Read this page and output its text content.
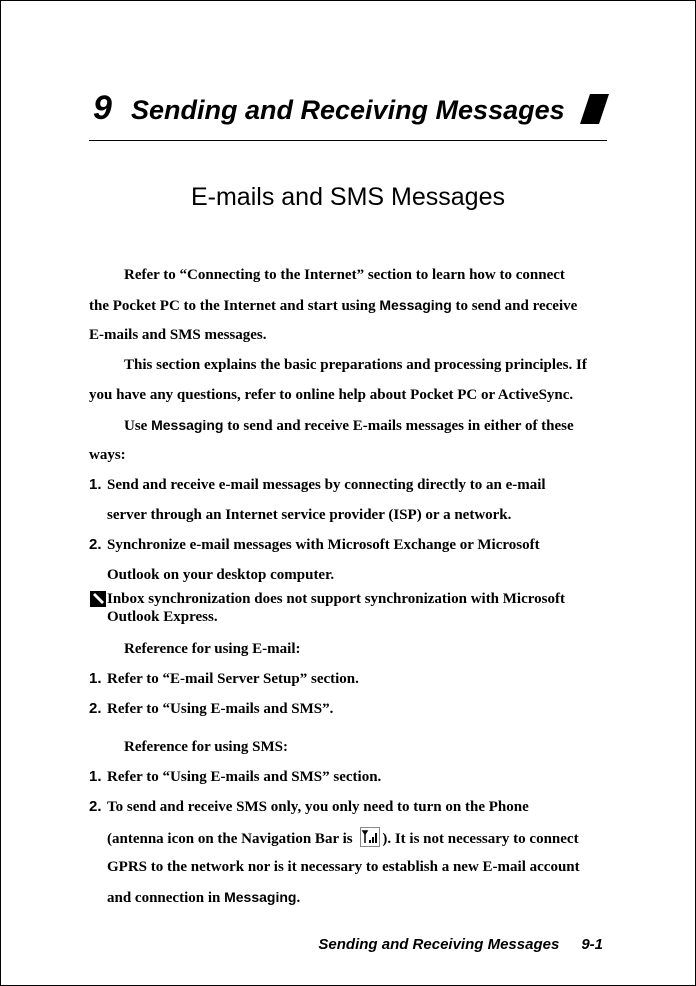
9 Sending and Receiving Messages
E-mails and SMS Messages
Refer to “Connecting to the Internet” section to learn how to connect
the Pocket PC to the Internet and start using Messaging to send and receive
E-mails and SMS messages.
This section explains the basic preparations and processing principles. If
you have any questions, refer to online help about Pocket PC or ActiveSync.
Use Messaging to send and receive E-mails messages in either of these
ways:
1. Send and receive e-mail messages by connecting directly to an e-mail
server through an Internet service provider (ISP) or a network.
2. Synchronize e-mail messages with Microsoft Exchange or Microsoft
Outlook on your desktop computer.
Inbox synchronization does not support synchronization with Microsoft
Outlook Express.
Reference for using E-mail:
1. Refer to “E-mail Server Setup” section.
2. Refer to “Using E-mails and SMS”.
Reference for using SMS:
1. Refer to “Using E-mails and SMS” section.
2. To send and receive SMS only, you only need to turn on the Phone
(antenna icon on the Navigation Bar is ). It is not necessary to connect
GPRS to the network nor is it necessary to establish a new E-mail account
and connection in Messaging.
Sending and Receiving Messages 9-1
